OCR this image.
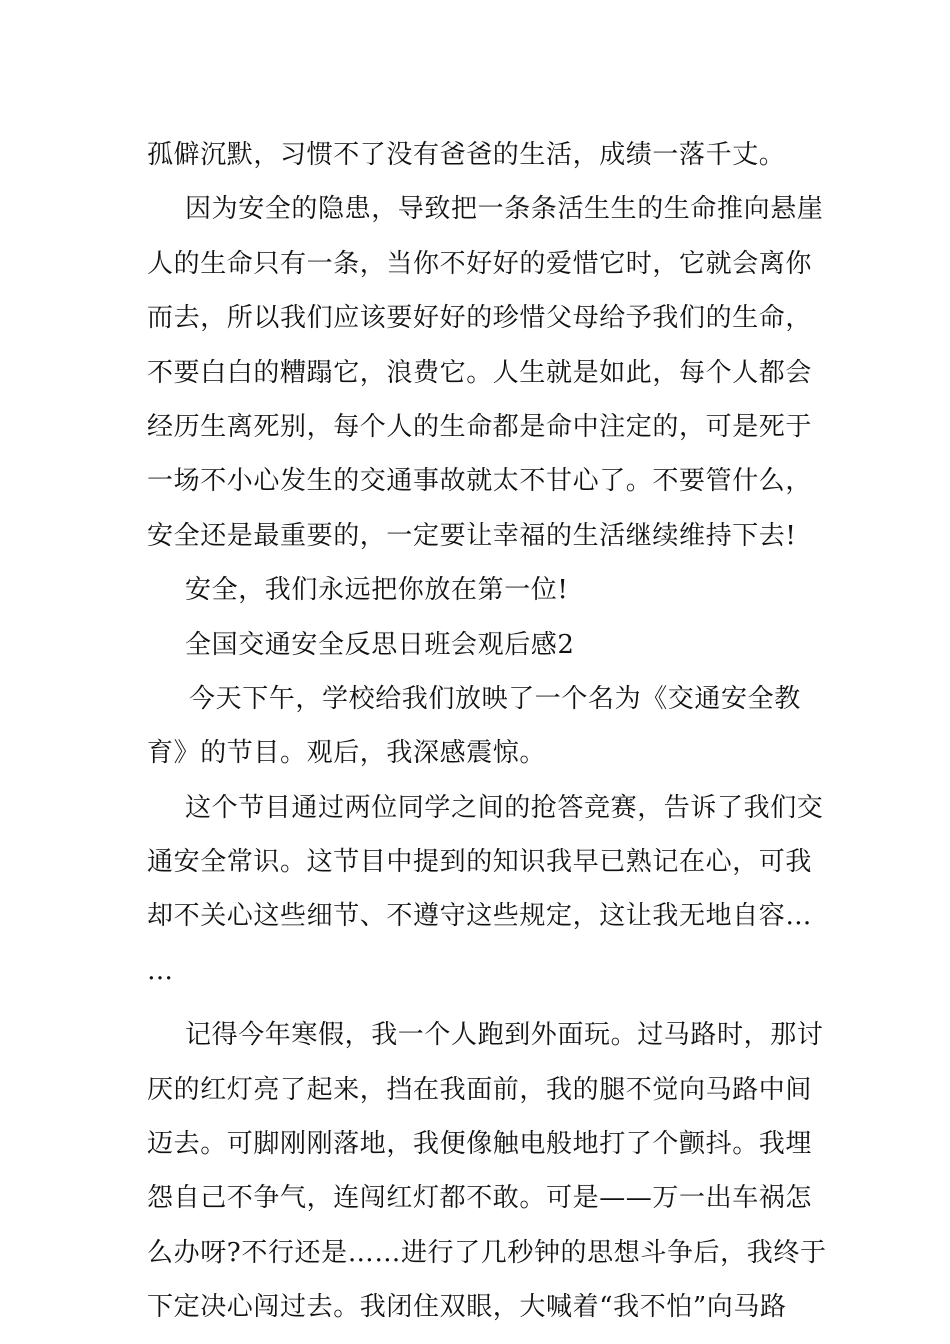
孤僻沉默，习惯不了没有爸爸的生活，成绩一落千丈。
因为安全的隐患，导致把一条条活生生的生命推向悬崖
人的生命只有一条，当你不好好的爱惜它时，它就会离你
而去，所以我们应该要好好的珍惜父母给予我们的生命，
不要白白的糟蹋它，浪费它。人生就是如此，每个人都会
经历生离死别，每个人的生命都是命中注定的，可是死于
一场不小心发生的交通事故就太不甘心了。不要管什么，
安全还是最重要的，一定要让幸福的生活继续维持下去!
安全，我们永远把你放在第一位!
全国交通安全反思日班会观后感2
今天下午，学校给我们放映了一个名为《交通安全教
育》的节目。观后，我深感震惊。
这个节目通过两位同学之间的抢答竞赛，告诉了我们交
通安全常识。这节目中提到的知识我早已熟记在心，可我
却不关心这些细节、不遵守这些规定，这让我无地自容…
…
记得今年寒假，我一个人跑到外面玩。过马路时，那讨
厌的红灯亮了起来，挡在我面前，我的腿不觉向马路中间
迈去。可脚刚刚落地，我便像触电般地打了个颤抖。我埋
怨自己不争气，连闯红灯都不敢。可是——万一出车祸怎
么办呀?不行还是……进行了几秒钟的思想斗争后，我终于
下定决心闯过去。我闭住双眼，大喊着“我不怕”向马路
